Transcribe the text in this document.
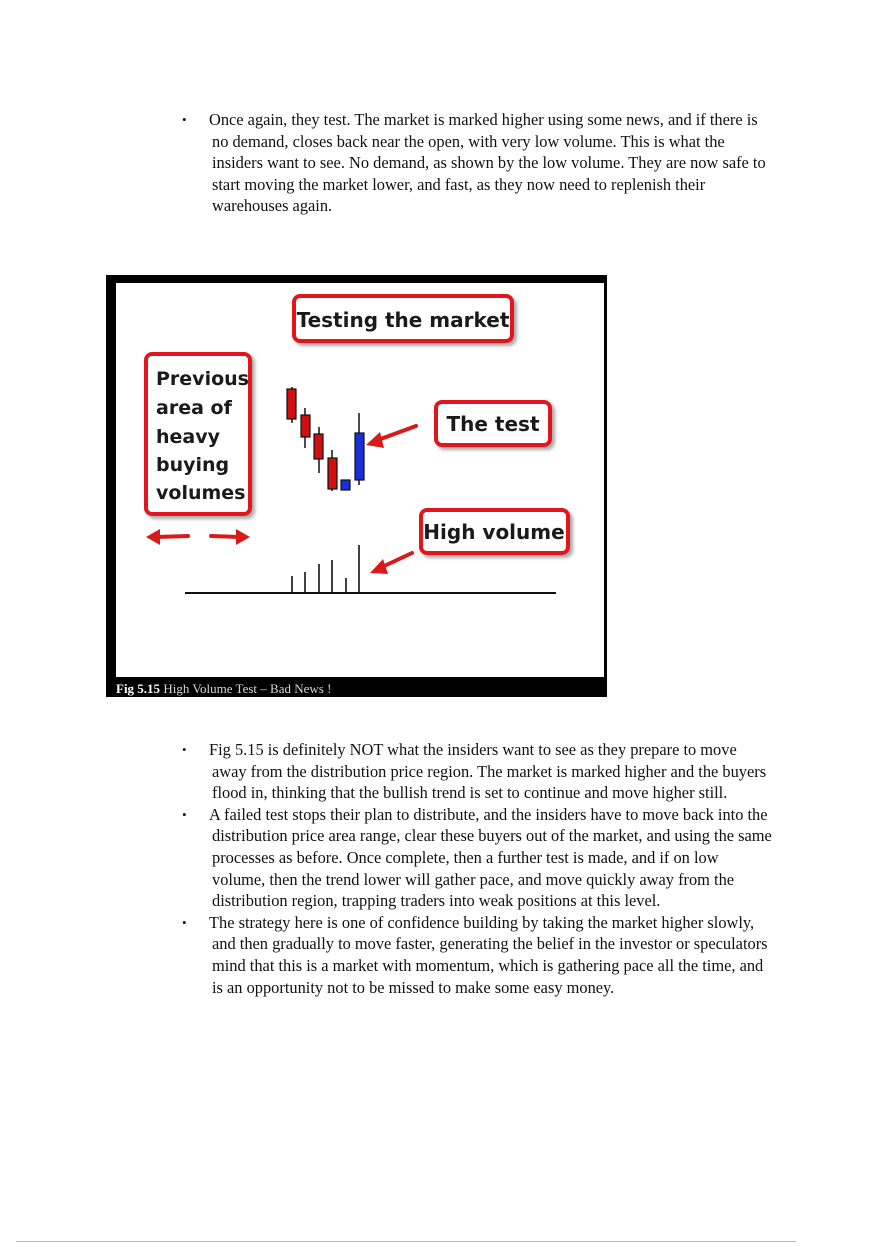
• Once again, they test. The market is marked higher using some news, and if there is no demand, closes back near the open, with very low volume. This is what the insiders want to see. No demand, as shown by the low volume. They are now safe to start moving the market lower, and fast, as they now need to replenish their warehouses again.
Testing the market
Previous
area of
heavy
buying
volumes
The test
High volume
Fig 5.15 High Volume Test – Bad News !
• Fig 5.15 is definitely NOT what the insiders want to see as they prepare to move away from the distribution price region. The market is marked higher and the buyers flood in, thinking that the bullish trend is set to continue and move higher still.
• A failed test stops their plan to distribute, and the insiders have to move back into the distribution price area range, clear these buyers out of the market, and using the same processes as before. Once complete, then a further test is made, and if on low volume, then the trend lower will gather pace, and move quickly away from the distribution region, trapping traders into weak positions at this level.
• The strategy here is one of confidence building by taking the market higher slowly, and then gradually to move faster, generating the belief in the investor or speculators mind that this is a market with momentum, which is gathering pace all the time, and is an opportunity not to be missed to make some easy money.
